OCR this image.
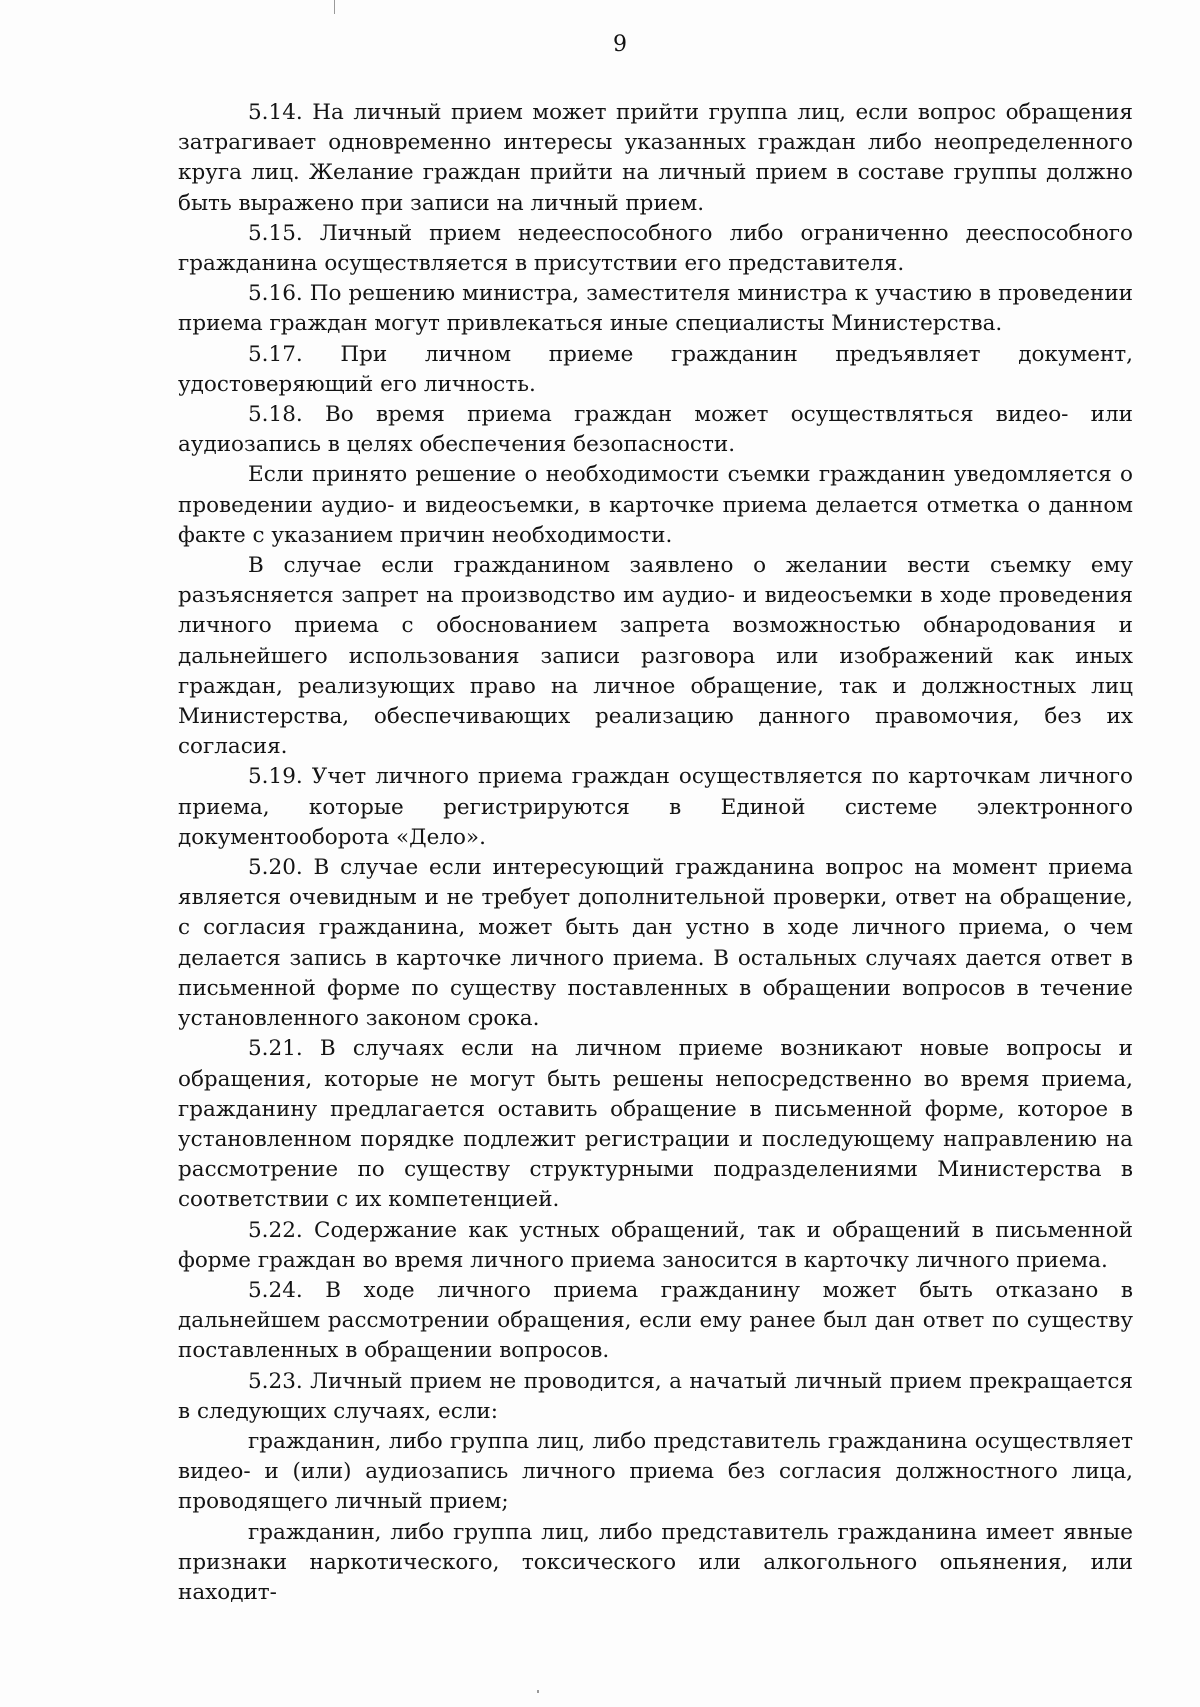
9

5.14. На личный прием может прийти группа лиц, если вопрос обращения затрагивает одновременно интересы указанных граждан либо неопределенного круга лиц. Желание граждан прийти на личный прием в составе группы должно быть выражено при записи на личный прием.

5.15. Личный прием недееспособного либо ограниченно дееспособного гражданина осуществляется в присутствии его представителя.

5.16. По решению министра, заместителя министра к участию в проведении приема граждан могут привлекаться иные специалисты Министерства.

5.17. При личном приеме гражданин предъявляет документ, удостоверяющий его личность.

5.18. Во время приема граждан может осуществляться видео- или аудиозапись в целях обеспечения безопасности.

Если принято решение о необходимости съемки гражданин уведомляется о проведении аудио- и видеосъемки, в карточке приема делается отметка о данном факте с указанием причин необходимости.

В случае если гражданином заявлено о желании вести съемку ему разъясняется запрет на производство им аудио- и видеосъемки в ходе проведения личного приема с обоснованием запрета возможностью обнародования и дальнейшего использования записи разговора или изображений как иных граждан, реализующих право на личное обращение, так и должностных лиц Министерства, обеспечивающих реализацию данного правомочия, без их согласия.

5.19. Учет личного приема граждан осуществляется по карточкам личного приема, которые регистрируются в Единой системе электронного документооборота «Дело».

5.20. В случае если интересующий гражданина вопрос на момент приема является очевидным и не требует дополнительной проверки, ответ на обращение, с согласия гражданина, может быть дан устно в ходе личного приема, о чем делается запись в карточке личного приема. В остальных случаях дается ответ в письменной форме по существу поставленных в обращении вопросов в течение установленного законом срока.

5.21. В случаях если на личном приеме возникают новые вопросы и обращения, которые не могут быть решены непосредственно во время приема, гражданину предлагается оставить обращение в письменной форме, которое в установленном порядке подлежит регистрации и последующему направлению на рассмотрение по существу структурными подразделениями Министерства в соответствии с их компетенцией.

5.22. Содержание как устных обращений, так и обращений в письменной форме граждан во время личного приема заносится в карточку личного приема.

5.24. В ходе личного приема гражданину может быть отказано в дальнейшем рассмотрении обращения, если ему ранее был дан ответ по существу поставленных в обращении вопросов.

5.23. Личный прием не проводится, а начатый личный прием прекращается в следующих случаях, если:

гражданин, либо группа лиц, либо представитель гражданина осуществляет видео- и (или) аудиозапись личного приема без согласия должностного лица, проводящего личный прием;

гражданин, либо группа лиц, либо представитель гражданина имеет явные признаки наркотического, токсического или алкогольного опьянения, или находит-
